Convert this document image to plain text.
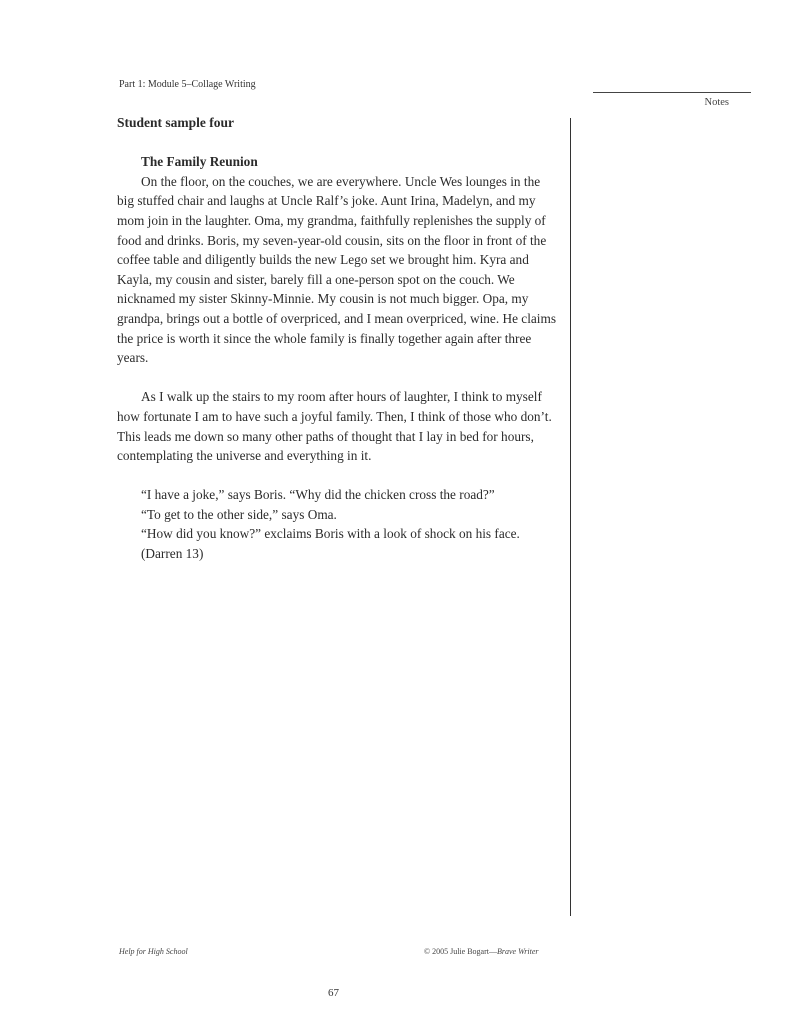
Part 1: Module 5–Collage Writing
Notes

Student sample four

The Family Reunion

On the floor, on the couches, we are everywhere. Uncle Wes lounges in the big stuffed chair and laughs at Uncle Ralf’s joke. Aunt Irina, Madelyn, and my mom join in the laughter. Oma, my grandma, faithfully replenishes the supply of food and drinks. Boris, my seven-year-old cousin, sits on the floor in front of the coffee table and diligently builds the new Lego set we brought him. Kyra and Kayla, my cousin and sister, barely fill a one-person spot on the couch. We nicknamed my sister Skinny-Minnie. My cousin is not much bigger. Opa, my grandpa, brings out a bottle of overpriced, and I mean overpriced, wine. He claims the price is worth it since the whole family is finally together again after three years.

As I walk up the stairs to my room after hours of laughter, I think to myself how fortunate I am to have such a joyful family. Then, I think of those who don’t. This leads me down so many other paths of thought that I lay in bed for hours, contemplating the universe and everything in it.

“I have a joke,” says Boris. “Why did the chicken cross the road?”

“To get to the other side,” says Oma.

“How did you know?” exclaims Boris with a look of shock on his face.

(Darren 13)

Help for High School	© 2005 Julie Bogart—Brave Writer
67
